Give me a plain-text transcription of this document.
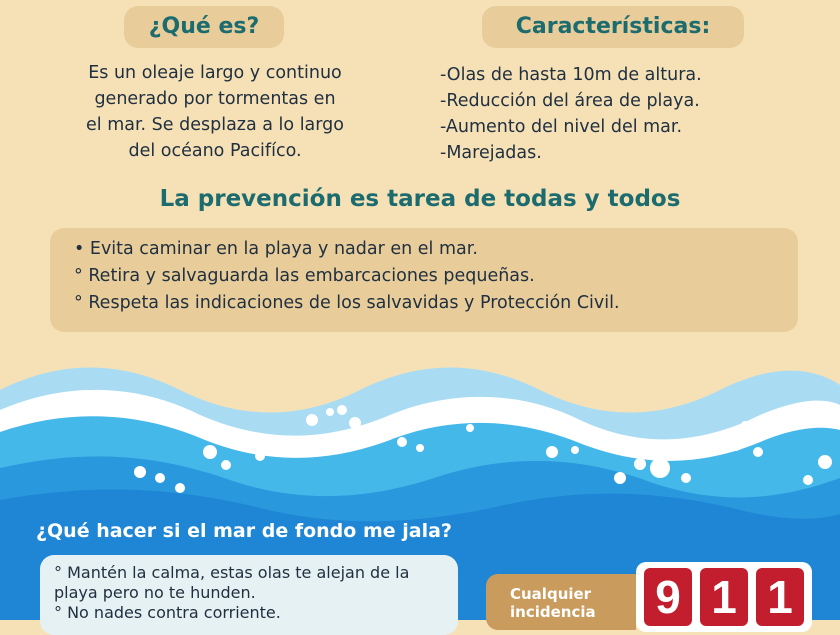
¿Qué es?
Es un oleaje largo y continuo
generado por tormentas en
el mar. Se desplaza a lo largo
del océano Pacifíco.
Características:
-Olas de hasta 10m de altura.
-Reducción del área de playa.
-Aumento del nivel del mar.
-Marejadas.
La prevención es tarea de todas y todos
• Evita caminar en la playa y nadar en el mar.
° Retira y salvaguarda las embarcaciones pequeñas.
° Respeta las indicaciones de los salvavidas y Protección Civil.
¿Qué hacer si el mar de fondo me jala?
° Mantén la calma, estas olas te alejan de la
playa pero no te hunden.
° No nades contra corriente.
Cualquier
incidencia	9 1 1
